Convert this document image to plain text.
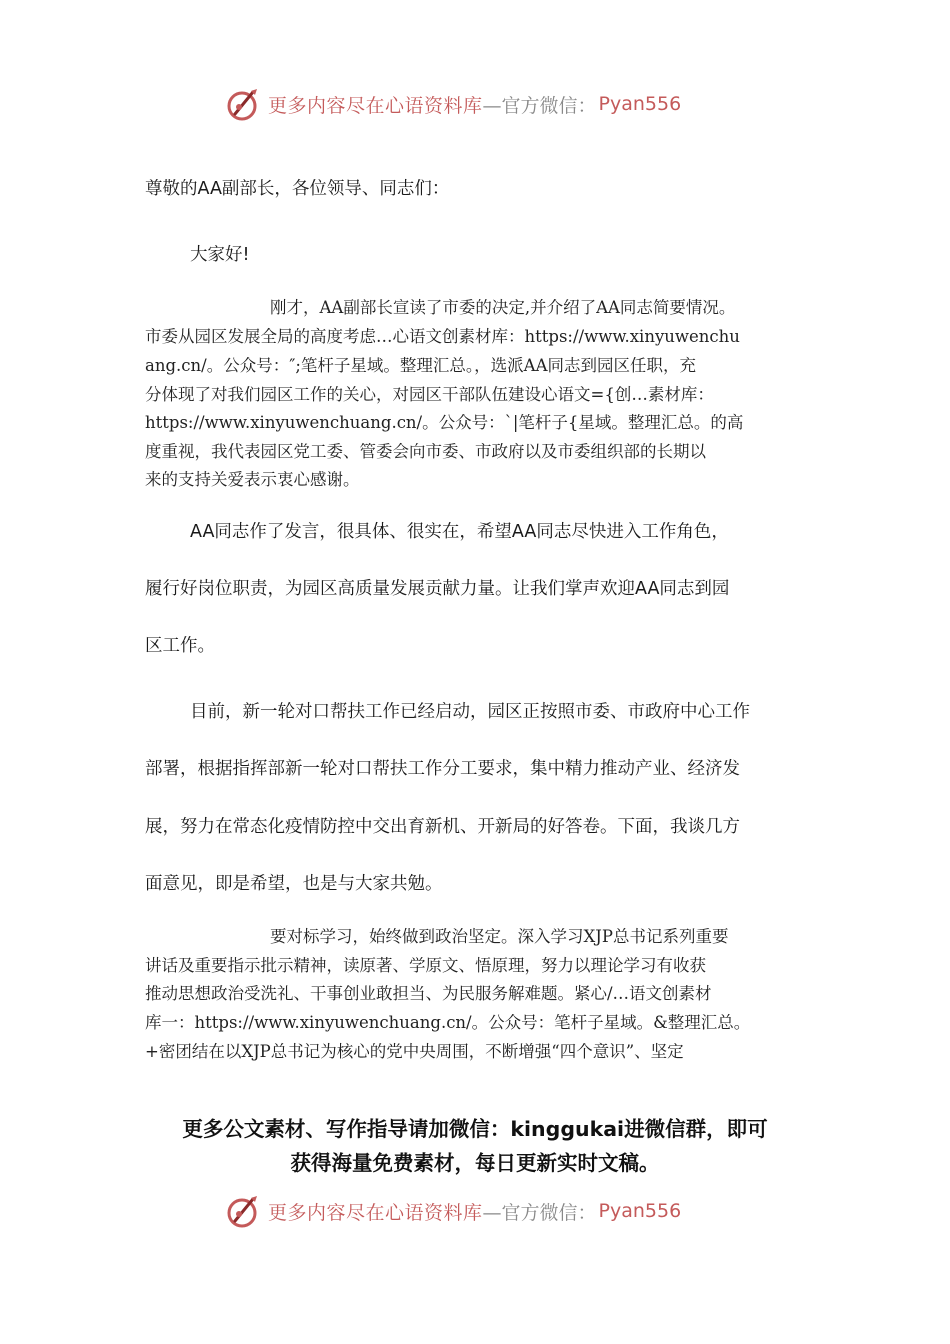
更多内容尽在心语资料库 —官方微信： Pyan556
尊敬的AA副部长，各位领导、同志们：
大家好!
刚才，AA副部长宣读了市委的决定,并介绍了AA同志简要情况。
市委从园区发展全局的高度考虑…心语文创素材库：https://www.xinyuwenchu
ang.cn/。公众号：″;笔杆子星域。整理汇总。，选派AA同志到园区任职，充
分体现了对我们园区工作的关心，对园区干部队伍建设心语文={创…素材库：
https://www.xinyuwenchuang.cn/。公众号：`|笔杆子{星域。整理汇总。的高
度重视，我代表园区党工委、管委会向市委、市政府以及市委组织部的长期以
来的支持关爱表示衷心感谢。
AA同志作了发言，很具体、很实在，希望AA同志尽快进入工作角色，
履行好岗位职责，为园区高质量发展贡献力量。让我们掌声欢迎AA同志到园
区工作。
目前，新一轮对口帮扶工作已经启动，园区正按照市委、市政府中心工作
部署，根据指挥部新一轮对口帮扶工作分工要求，集中精力推动产业、经济发
展，努力在常态化疫情防控中交出育新机、开新局的好答卷。下面，我谈几方
面意见，即是希望，也是与大家共勉。
要对标学习，始终做到政治坚定。深入学习XJP总书记系列重要
讲话及重要指示批示精神，读原著、学原文、悟原理，努力以理论学习有收获
推动思想政治受洗礼、干事创业敢担当、为民服务解难题。紧心/…语文创素材
库一：https://www.xinyuwenchuang.cn/。公众号：笔杆子星域。&整理汇总。
+密团结在以XJP总书记为核心的党中央周围，不断增强“四个意识”、坚定
更多公文素材、写作指导请加微信：kinggukai进微信群，即可
获得海量免费素材，每日更新实时文稿。
更多内容尽在心语资料库 —官方微信： Pyan556
